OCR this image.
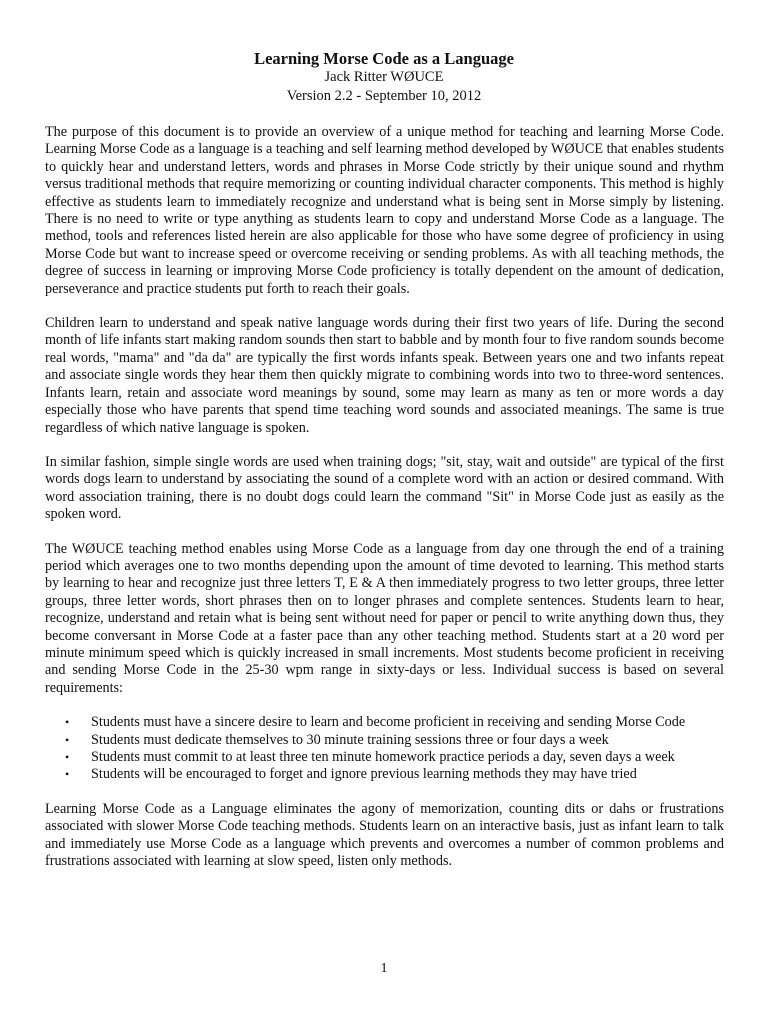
Learning Morse Code as a Language

Jack Ritter WØUCE

Version 2.2 - September 10, 2012

The purpose of this document is to provide an overview of a unique method for teaching and learning Morse Code. Learning Morse Code as a language is a teaching and self learning method developed by WØUCE that enables students to quickly hear and understand letters, words and phrases in Morse Code strictly by their unique sound and rhythm versus traditional methods that require memorizing or counting individual character components. This method is highly effective as students learn to immediately recognize and understand what is being sent in Morse simply by listening. There is no need to write or type anything as students learn to copy and understand Morse Code as a language. The method, tools and references listed herein are also applicable for those who have some degree of proficiency in using Morse Code but want to increase speed or overcome receiving or sending problems. As with all teaching methods, the degree of success in learning or improving Morse Code proficiency is totally dependent on the amount of dedication, perseverance and practice students put forth to reach their goals.

Children learn to understand and speak native language words during their first two years of life. During the second month of life infants start making random sounds then start to babble and by month four to five random sounds become real words, "mama" and "da da" are typically the first words infants speak. Between years one and two infants repeat and associate single words they hear them then quickly migrate to combining words into two to three-word sentences. Infants learn, retain and associate word meanings by sound, some may learn as many as ten or more words a day especially those who have parents that spend time teaching word sounds and associated meanings. The same is true regardless of which native language is spoken.

In similar fashion, simple single words are used when training dogs; "sit, stay, wait and outside" are typical of the first words dogs learn to understand by associating the sound of a complete word with an action or desired command. With word association training, there is no doubt dogs could learn the command "Sit" in Morse Code just as easily as the spoken word.

The WØUCE teaching method enables using Morse Code as a language from day one through the end of a training period which averages one to two months depending upon the amount of time devoted to learning. This method starts by learning to hear and recognize just three letters T, E & A then immediately progress to two letter groups, three letter groups, three letter words, short phrases then on to longer phrases and complete sentences. Students learn to hear, recognize, understand and retain what is being sent without need for paper or pencil to write anything down thus, they become conversant in Morse Code at a faster pace than any other teaching method. Students start at a 20 word per minute minimum speed which is quickly increased in small increments. Most students become proficient in receiving and sending Morse Code in the 25-30 wpm range in sixty-days or less. Individual success is based on several requirements:

• Students must have a sincere desire to learn and become proficient in receiving and sending Morse Code
• Students must dedicate themselves to 30 minute training sessions three or four days a week
• Students must commit to at least three ten minute homework practice periods a day, seven days a week
• Students will be encouraged to forget and ignore previous learning methods they may have tried

Learning Morse Code as a Language eliminates the agony of memorization, counting dits or dahs or frustrations associated with slower Morse Code teaching methods. Students learn on an interactive basis, just as infant learn to talk and immediately use Morse Code as a language which prevents and overcomes a number of common problems and frustrations associated with learning at slow speed, listen only methods.

1
